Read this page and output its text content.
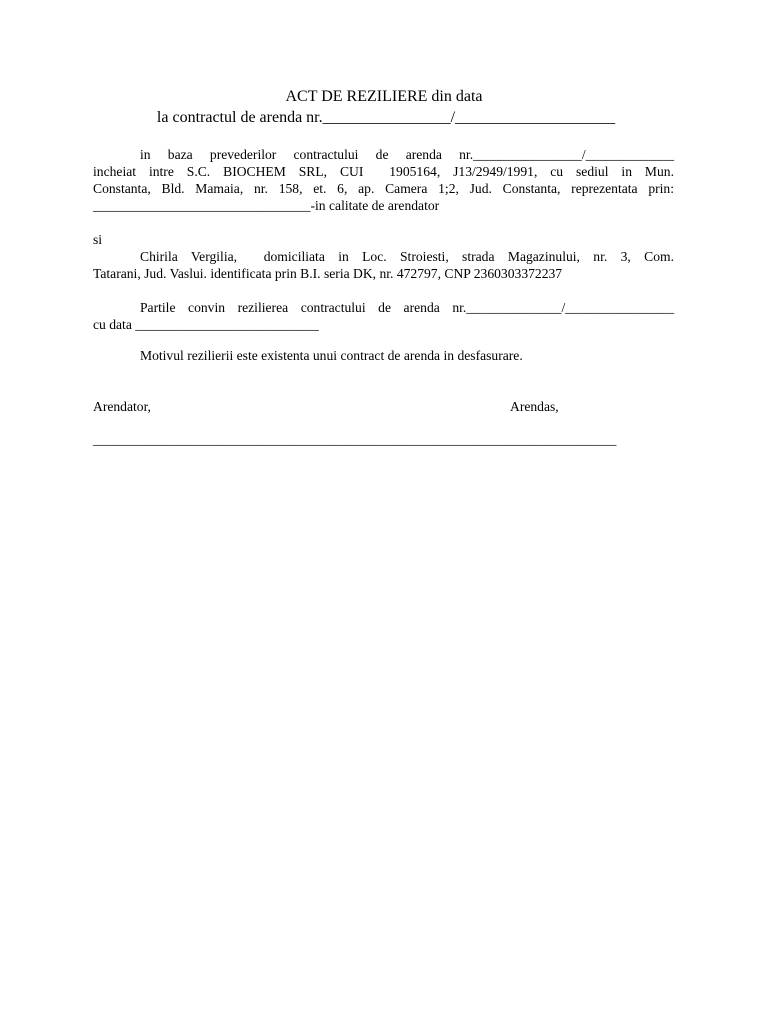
ACT DE REZILIERE din data
la contractul de arenda nr.________________/____________________
in baza prevederilor contractului de arenda nr.________________/_____________
incheiat intre S.C. BIOCHEM SRL, CUI  1905164, J13/2949/1991, cu sediul in Mun.
Constanta, Bld. Mamaia, nr. 158, et. 6, ap. Camera 1;2, Jud. Constanta, reprezentata prin:
________________________________-in calitate de arendator
si
Chirila Vergilia,  domiciliata in Loc. Stroiesti, strada Magazinului, nr. 3, Com.
Tatarani, Jud. Vaslui. identificata prin B.I. seria DK, nr. 472797, CNP 2360303372237
Partile convin rezilierea contractului de arenda nr.______________/________________
cu data ___________________________
Motivul rezilierii este existenta unui contract de arenda in desfasurare.
Arendator,	Arendas,
_____________________________________________________________________________
